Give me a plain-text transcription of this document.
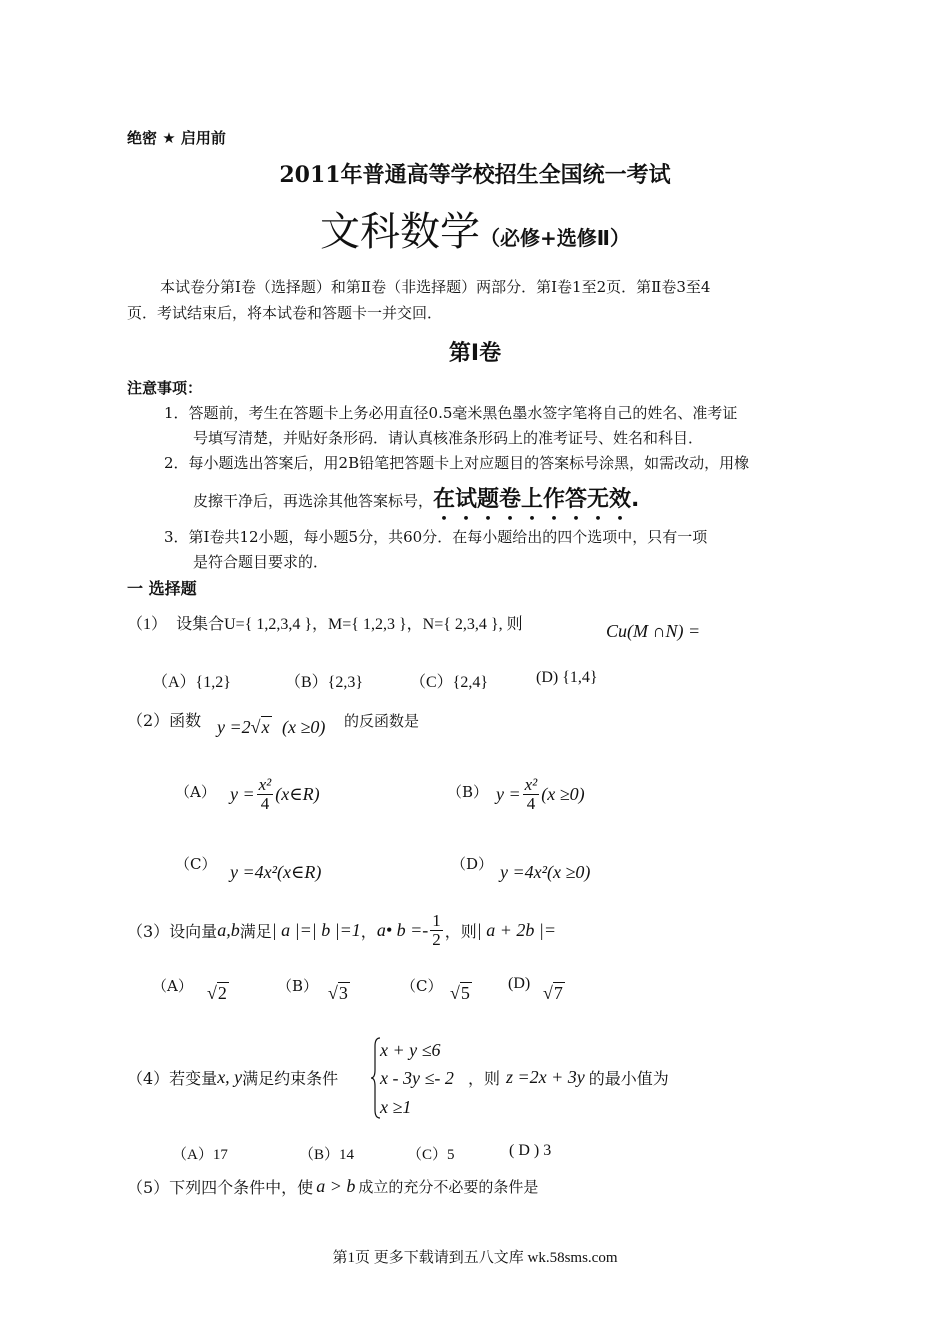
绝密 ★ 启用前
2011年普通高等学校招生全国统一考试
文科数学（必修+选修Ⅱ）
本试卷分第Ⅰ卷（选择题）和第Ⅱ卷（非选择题）两部分．第Ⅰ卷1至2页．第Ⅱ卷3至4
页．考试结束后，将本试卷和答题卡一并交回．
第Ⅰ卷
注意事项：
1．答题前，考生在答题卡上务必用直径0.5毫米黑色墨水签字笔将自己的姓名、准考证
号填写清楚，并贴好条形码．请认真核准条形码上的准考证号、姓名和科目．
2．每小题选出答案后，用2B铅笔把答题卡上对应题目的答案标号涂黑，如需改动，用橡
皮擦干净后，再选涂其他答案标号，在试题卷上作答无效.
3．第Ⅰ卷共12小题，每小题5分，共60分．在每小题给出的四个选项中，只有一项
是符合题目要求的．
一 选择题
（1） 设集合U={ 1,2,3,4 }，M={ 1,2,3 }，N={ 2,3,4 }, 则	Cu(M ∩N) =
（A）{1,2}	（B）{2,3}	（C）{2,4}	(D) {1,4}
（2）函数 y =2√x (x ≥0) 的反函数是
（A） $y = \frac{\text{x²}}{4}$ (x∈R)	（B） $y = \frac{\text{x²}}{4} (x \ge 0)$
（C） y =4x²(x∈R)	（D） y =4x²(x ≥0)
（3）设向量 a,b 满足 | a |=| b |=1 ， a• $b =- \frac{1}{2}$ ，则 | a + 2b |=
（A） √2	（B） √3	（C） √5 (D) √7
（4）若变量 x, y 满足约束条件
x + y ≤6
x - 3y ≤- 2
x ≥1
，则 z =2x + 3y 的最小值为
（A）17	（B）14	（C）5	( D ) 3
（5）下列四个条件中，使 a > b 成立的充分不必要的条件是
第1页 更多下载请到五八文库 wk.58sms.com
